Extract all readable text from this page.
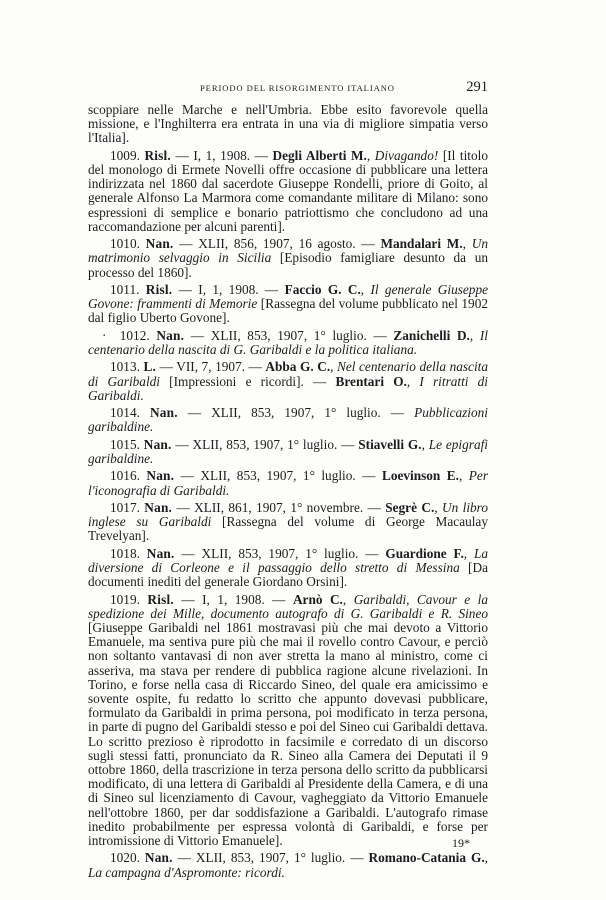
PERIODO DEL RISORGIMENTO ITALIANO	291

scoppiare nelle Marche e nell'Umbria. Ebbe esito favorevole quella missione, e l'Inghilterra era entrata in una via di migliore simpatia verso l'Italia].

1009. Risl. — I, 1, 1908. — Degli Alberti M., Divagando! [Il titolo del monologo di Ermete Novelli offre occasione di pubblicare una lettera indirizzata nel 1860 dal sacerdote Giuseppe Rondelli, priore di Goito, al generale Alfonso La Marmora come comandante militare di Milano: sono espressioni di semplice e bonario patriottismo che concludono ad una raccomandazione per alcuni parenti].

1010. Nan. — XLII, 856, 1907, 16 agosto. — Mandalari M., Un matrimonio selvaggio in Sicilia [Episodio famigliare desunto da un processo del 1860].

1011. Risl. — I, 1, 1908. — Faccio G. C., Il generale Giuseppe Govone: frammenti di Memorie [Rassegna del volume pubblicato nel 1902 dal figlio Uberto Govone].

·  1012. Nan. — XLII, 853, 1907, 1° luglio. — Zanichelli D., Il centenario della nascita di G. Garibaldi e la politica italiana.

1013. L. — VII, 7, 1907. — Abba G. C., Nel centenario della nascita di Garibaldi [Impressioni e ricordi]. — Brentari O., I ritratti di Garibaldi.

1014. Nan. — XLII, 853, 1907, 1° luglio. — Pubblicazioni garibaldine.

1015. Nan. — XLII, 853, 1907, 1° luglio. — Stiavelli G., Le epigrafi garibaldine.

1016. Nan. — XLII, 853, 1907, 1° luglio. — Loevinson E., Per l'iconografia di Garibaldi.

1017. Nan. — XLII, 861, 1907, 1° novembre. — Segrè C., Un libro inglese su Garibaldi [Rassegna del volume di George Macaulay Trevelyan].

1018. Nan. — XLII, 853, 1907, 1° luglio. — Guardione F., La diversione di Corleone e il passaggio dello stretto di Messina [Da documenti inediti del generale Giordano Orsini].

1019. Risl. — I, 1, 1908. — Arnò C., Garibaldi, Cavour e la spedizione dei Mille, documento autografo di G. Garibaldi e R. Sineo [Giuseppe Garibaldi nel 1861 mostravasi più che mai devoto a Vittorio Emanuele, ma sentiva pure più che mai il rovello contro Cavour, e perciò non soltanto vantavasi di non aver stretta la mano al ministro, come ci asseriva, ma stava per rendere di pubblica ragione alcune rivelazioni. In Torino, e forse nella casa di Riccardo Sineo, del quale era amicissimo e sovente ospite, fu redatto lo scritto che appunto dovevasi pubblicare, formulato da Garibaldi in prima persona, poi modificato in terza persona, in parte di pugno del Garibaldi stesso e poi del Sineo cui Garibaldi dettava. Lo scritto prezioso è riprodotto in facsimile e corredato di un discorso sugli stessi fatti, pronunciato da R. Sineo alla Camera dei Deputati il 9 ottobre 1860, della trascrizione in terza persona dello scritto da pubblicarsi modificato, di una lettera di Garibaldi al Presidente della Camera, e di una di Sineo sul licenziamento di Cavour, vagheggiato da Vittorio Emanuele nell'ottobre 1860, per dar soddisfazione a Garibaldi. L'autografo rimase inedito probabilmente per espressa volontà di Garibaldi, e forse per intromissione di Vittorio Emanuele].

1020. Nan. — XLII, 853, 1907, 1° luglio. — Romano-Catania G., La campagna d'Aspromonte: ricordi.

19*
